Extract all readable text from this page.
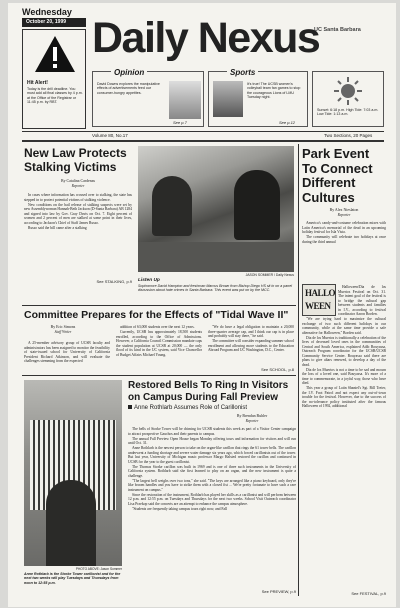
Wednesday
October 20, 1999
Hit Alert!
Today is the drill deadline. You must add all final classes by 4 p.m. at the Office of the Registrar or 11:45 p.m. by RBT.
Daily Nexus
UC Santa Barbara
Opinion
David Downs explores the manipulative effects of advertisements feed our consumer-hungry appetites.
See p.7
Sports
It's true! The UCSB women's volleyball team fan games to stop the courageous Lions of LMU Tuesday night.
See p.12
Sunset: 6:18 p.m. High Tide: 7:03 a.m. Low Tide: 1:13 a.m.
Volume 80, No.17	Two Sections, 20 Pages
New Law Protects Stalking Victims
By Catalina Cardenas
Reporter

In cases where information has crossed over to stalking, the state has stepped in to protect potential victims of stalking violence.

New conditions on the bail release of stalking suspects were set by new Assemblywoman Hannah-Beth Jackson (D-Santa Barbara) AB 1284 and signed into law by Gov. Gray Davis on Oct. 7. Eight percent of women and 2 percent of men are stalked at some point in their lives, according to Jackson's Chief of Staff James Russo.

Russo said the bill came after a stalking

See STALKING, p.9
JASON SOMMER / Daily Nexus
Listen Up
Sophomore David Hampton and freshman Marcus Brown from Bishop Diego HS sit in on a panel discussion about hate crimes in Santa Barbara. This event was put on by the MCC.
Park Event To Connect Different Cultures
By Alex Nieslaton
Reporter

America's candy-and-costume celebration mixes with Latin America's memorial of the dead in an upcoming holiday festival for Isla Vista.

The community will celebrate two holidays at once during the third annual

HALLO WEEN

Halloween/Dia de los Muertos Festival on Oct. 31. The intent goal of the festival is to bridge the cultural gap between students and families in I.V., according to festival coordinator Aaron Borden.

"We are trying hard to maximize the cultural exchange of two such different holidays in our community, while at the same time provide a safe alternative for Halloween," Borden said.

Dia de los Muertos is traditionally a celebration of the lives of deceased loved ones in the communities of Central and South America, explained Adib Bouyassa, Outreach Program coordinator for the UCSB/UCSB Community Service Center. Bouyassa said there are plans to give altars renewed, to develop a day of the dead.

Dia de los Muertos is not a time to be sad and mourn the loss of a loved one, said Bouyassa. It's more of a time to commemorate, in a joyful way, those who have died.

This year a group of Latin Shaniel's Sgt. Bill Treier, the I.V. Foot Patrol and not expect any out-of-town trouble for the festival. However, due to the success of the no-tolerance policy instituted after the famous Halloween of 1992, additional

See FESTIVAL, p.9
Committee Prepares for the Effects of "Tidal Wave II"
By Eric Simons
Staff Writer

A 25-member advisory group of UCSB faculty and administrators has been assigned to monitor the feasibility of state-issued school for University of California President Richard Atkinson, and will evaluate the challenges stemming from the expected

addition of 63,000 students over the next 12 years.

Currently, UCSB has approximately 18,500 students enrolled, according to the Office of Admissions. However, a California Council Commission mandate caps the student population at UCSB at 20,000 — the only flood of its kind in the UC system, said Vice Chancellor of Budget Affairs Michael Young.

"We do have a legal obligation to maintain a 20,000 three-quarter average cap, and I think our cap is in place and probably will stay there," he said.

The committee will consider expanding summer school enrollment and allowing more students to the Education Abroad Program and UC Washington, D.C., Center.

See SCHOOL, p.8
PHOTO ABOVE: Jason Sommer
Anne Rothlarb is the Storke Tower carillonist and for the next two weeks will play Tuesdays and Thursdays from noon to 12:55 p.m.
Restored Bells To Ring In Visitors on Campus During Fall Preview
Anne Rothlarb Assumes Role of Carillonist
By Brendan Buhler
Reporter

The bells of Storke Tower will be chiming for UCSB students this week as part of a Visitor Center campaign to attract prospective Gauchos and their parents to campus.

The annual Fall Preview Open House began Monday offering tours and information for visitors and will run until Oct. 31.

Anne Rothlarb is the newest person to take on the organ-like carillon that rings the 61 tower bells. The carillon underwent a funding shortage and severe water damage six years ago, which forced carillonists out of the tower. But last year, University of Michigan music professor Margo Halsted restored the carillon and continued in UCSB for the year to the guest carillonist.

The Thomas Storke carillon was built in 1969 and is one of three such instruments in the University of California system. Rothlarb said she first learned to play on an organ, and the new instrument is quite a challenge.

"The largest bell weighs over two tons," she said. "The keys are arranged like a piano keyboard, only they're like broom handles and you have to strike them with a closed fist ... We're pretty fortunate to have such a rare instrument on campus."

Since the restoration of the instrument, Rothlarb has played her skills as a carillonist and will perform between 12 p.m. and 12:55 p.m. on Tuesdays and Thursdays for the next two weeks. School Visit Outreach coordinator Lisa Przekop said the concerts are an attempt to enhance the campus atmosphere.

"Students are frequently taking campus tours right now, and Fall

See PREVIEW, p.9
